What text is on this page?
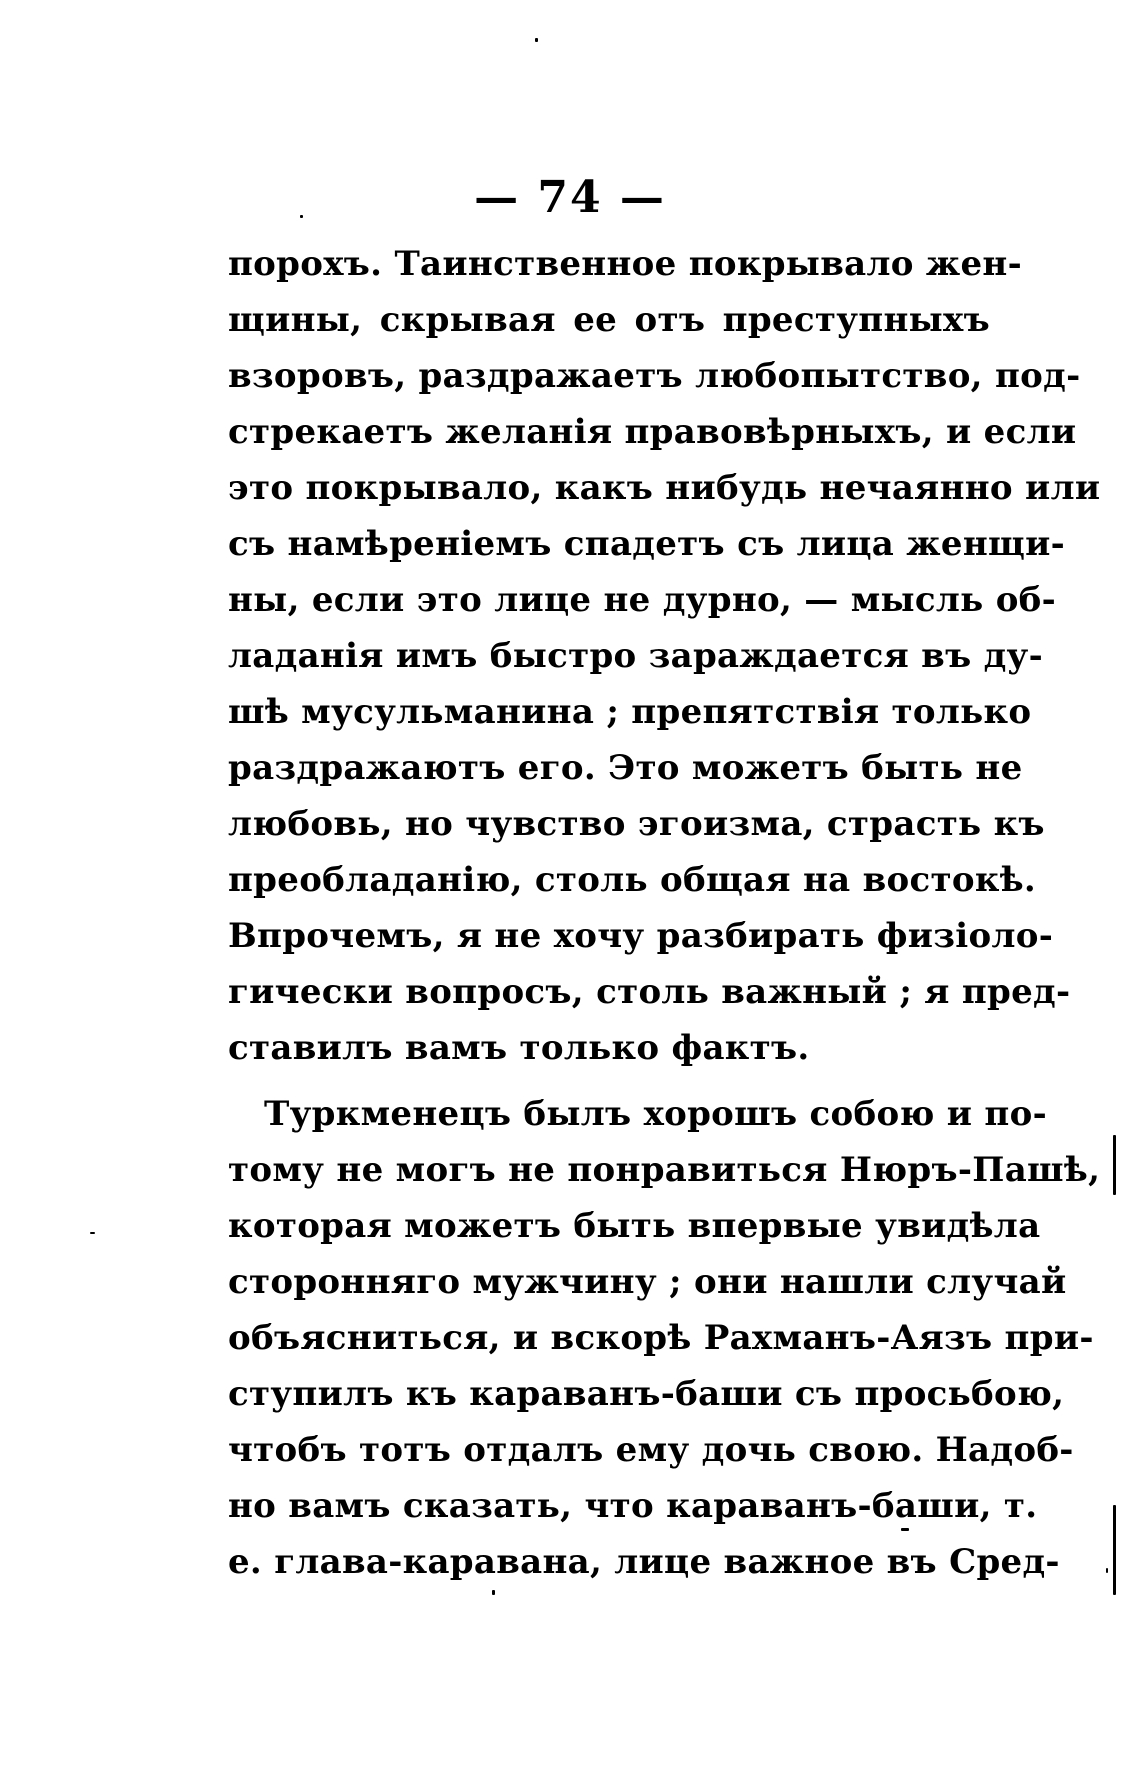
— 74 —
порохъ. Таинственное покрывало жен-
щины, скрывая ее отъ преступныхъ
взоровъ, раздражаетъ любопытство, под-
стрекаетъ желанія правовѣрныхъ, и если
это покрывало, какъ нибудь нечаянно или
съ намѣреніемъ спадетъ съ лица женщи-
ны, если это лице не дурно, — мысль об-
ладанія имъ быстро зараждается въ ду-
шѣ мусульманина ; препятствія только
раздражаютъ его. Это можетъ быть не
любовь, но чувство эгоизма, страсть къ
преобладанію, столь общая на востокѣ.
Впрочемъ, я не хочу разбирать физіоло-
гически вопросъ, столь важный ; я пред-
ставилъ вамъ только фактъ.
Туркменецъ былъ хорошъ собою и по-
тому не могъ не понравиться Нюръ-Пашѣ,
которая можетъ быть впервые увидѣла
сторонняго мужчину ; они нашли случай
объясниться, и вскорѣ Рахманъ-Аязъ при-
ступилъ къ караванъ-баши съ просьбою,
чтобъ тотъ отдалъ ему дочь свою. Надоб-
но вамъ сказать, что караванъ-баши, т.
е. глава-каравана, лице важное въ Сред-
